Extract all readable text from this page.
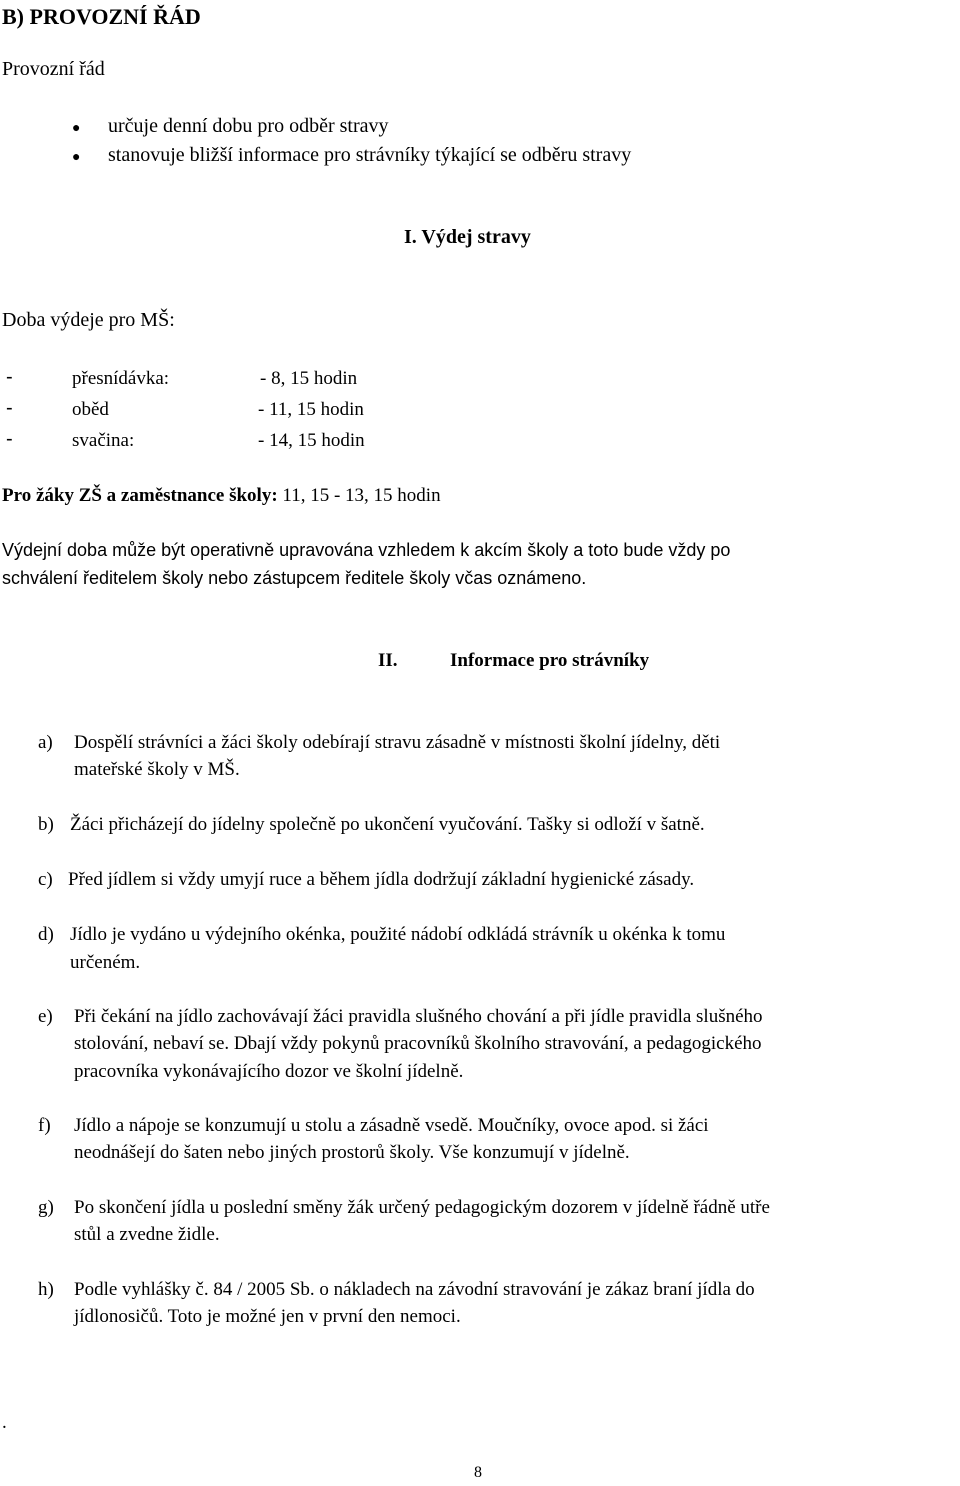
B) PROVOZNÍ ŘÁD
Provozní řád
● určuje denní dobu pro odběr stravy
● stanovuje bližší informace pro strávníky týkající se odběru stravy
I. Výdej stravy
Doba výdeje pro MŠ:
-	přesnídávka:	- 8, 15 hodin
-	oběd	- 11, 15 hodin
-	svačina:	- 14, 15 hodin
Pro žáky ZŠ a zaměstnance školy: 11, 15 - 13, 15 hodin
Výdejní doba může být operativně upravována vzhledem k akcím školy a toto bude vždy po
schválení ředitelem školy nebo zástupcem ředitele školy včas oznámeno.
II.	Informace pro strávníky
a) Dospělí strávníci a žáci školy odebírají stravu zásadně v místnosti školní jídelny, děti
mateřské školy v MŠ.
b) Žáci přicházejí do jídelny společně po ukončení vyučování. Tašky si odloží v šatně.
c) Před jídlem si vždy umyjí ruce a během jídla dodržují základní hygienické zásady.
d) Jídlo je vydáno u výdejního okénka, použité nádobí odkládá strávník u okénka k tomu
určeném.
e) Při čekání na jídlo zachovávají žáci pravidla slušného chování a při jídle pravidla slušného
stolování, nebaví se. Dbají vždy pokynů pracovníků školního stravování, a pedagogického
pracovníka vykonávajícího dozor ve školní jídelně.
f) Jídlo a nápoje se konzumují u stolu a zásadně vsedě. Moučníky, ovoce apod. si žáci
neodnášejí do šaten nebo jiných prostorů školy. Vše konzumují v jídelně.
g) Po skončení jídla u poslední směny žák určený pedagogickým dozorem v jídelně řádně utře
stůl a zvedne židle.
h) Podle vyhlášky č. 84 / 2005 Sb. o nákladech na závodní stravování je zákaz braní jídla do
jídlonosičů. Toto je možné jen v první den nemoci.
.
8
